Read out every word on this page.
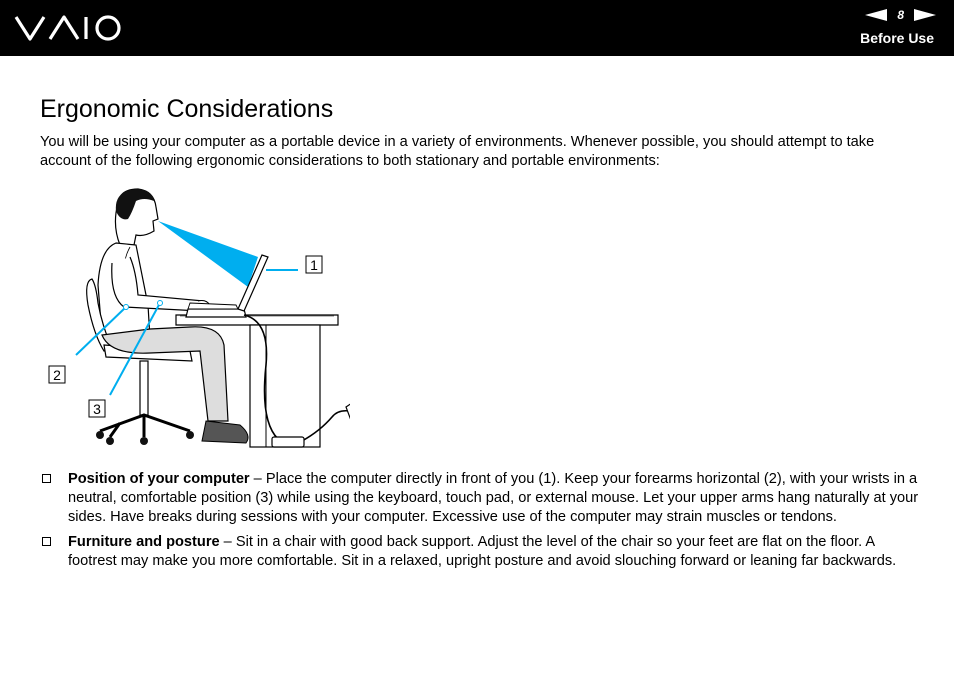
8
Before Use
Ergonomic Considerations

You will be using your computer as a portable device in a variety of environments. Whenever possible, you should attempt to take account of the following ergonomic considerations to both stationary and portable environments:

1
2
3
Position of your computer – Place the computer directly in front of you (1). Keep your forearms horizontal (2), with your wrists in a neutral, comfortable position (3) while using the keyboard, touch pad, or external mouse. Let your upper arms hang naturally at your sides. Have breaks during sessions with your computer. Excessive use of the computer may strain muscles or tendons.
Furniture and posture – Sit in a chair with good back support. Adjust the level of the chair so your feet are flat on the floor. A footrest may make you more comfortable. Sit in a relaxed, upright posture and avoid slouching forward or leaning far backwards.
